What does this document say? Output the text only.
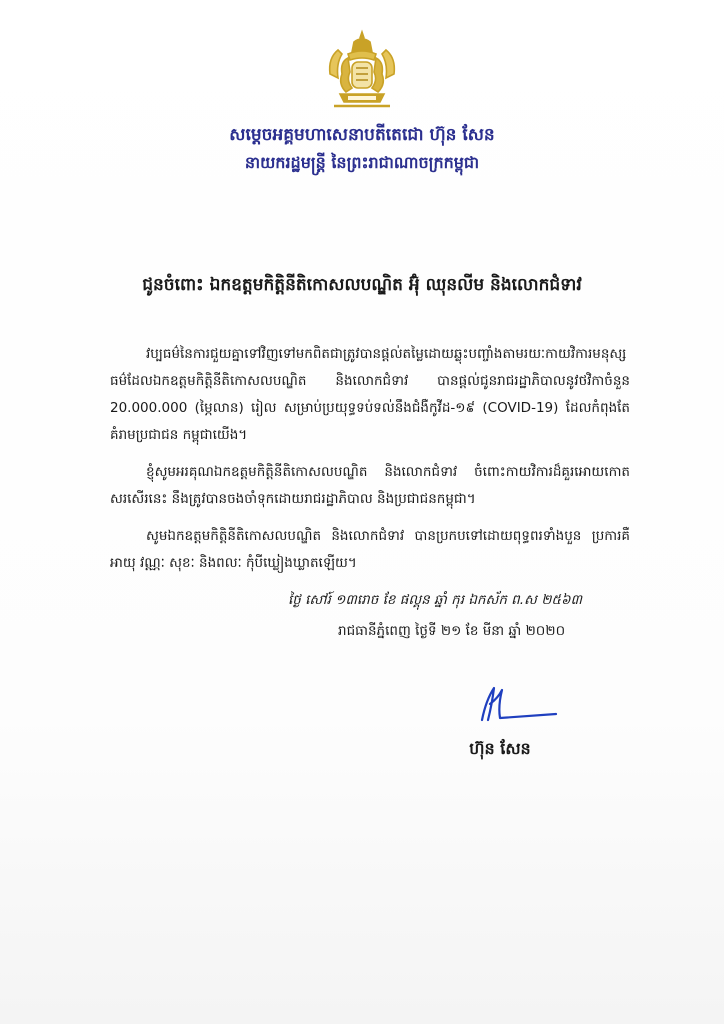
សម្តេចអគ្គមហាសេនាបតីតេជោ ហ៊ុន សែន
នាយករដ្ឋមន្ត្រី នៃព្រះរាជាណាចក្រកម្ពុជា
ជូនចំពោះ ឯកឧត្តមកិត្តិនីតិកោសលបណ្ឌិត អ៊ុំ ឈុនលីម និងលោកជំទាវ

វប្បធម៌នៃការជួយគ្នាទៅវិញទៅមកពិតជាត្រូវបានផ្តល់តម្លៃដោយឆ្លុះបញ្ចាំងតាមរយៈកាយវិការមនុស្សធម៌ដែលឯកឧត្តមកិត្តិនីតិកោសលបណ្ឌិត និងលោកជំទាវ បានផ្តល់ជូនរាជរដ្ឋាភិបាលនូវថវិកាចំនួន 20.000.000 (ម្ភៃលាន) រៀល សម្រាប់ប្រយុទ្ធទប់ទល់នឹងជំងឺកូវីដ-១៩ (COVID-19) ដែលកំពុងតែគំរាមប្រជាជន កម្ពុជាយើង។

ខ្ញុំសូមអរគុណឯកឧត្តមកិត្តិនីតិកោសលបណ្ឌិត និងលោកជំទាវ ចំពោះកាយវិការដ៏គួរអោយកោតសរសើរនេះ នឹងត្រូវបានចងចាំទុកដោយរាជរដ្ឋាភិបាល និងប្រជាជនកម្ពុជា។

សូមឯកឧត្តមកិត្តិនីតិកោសលបណ្ឌិត និងលោកជំទាវ បានប្រកបទៅដោយពុទ្ធពរទាំងបួន ប្រការគឺ អាយុ វណ្ណៈ សុខៈ និងពលៈ កុំបីឃ្លៀងឃ្លាតឡើយ។

ថ្ងៃ សៅរ៍ ១៣រោច ខែ ផល្គុន ឆ្នាំ កុរ ឯកស័ក ព.ស ២៥៦៣
រាជធានីភ្នំពេញ ថ្ងៃទី ២១ ខែ មីនា ឆ្នាំ ២០២០
ហ៊ុន សែន
